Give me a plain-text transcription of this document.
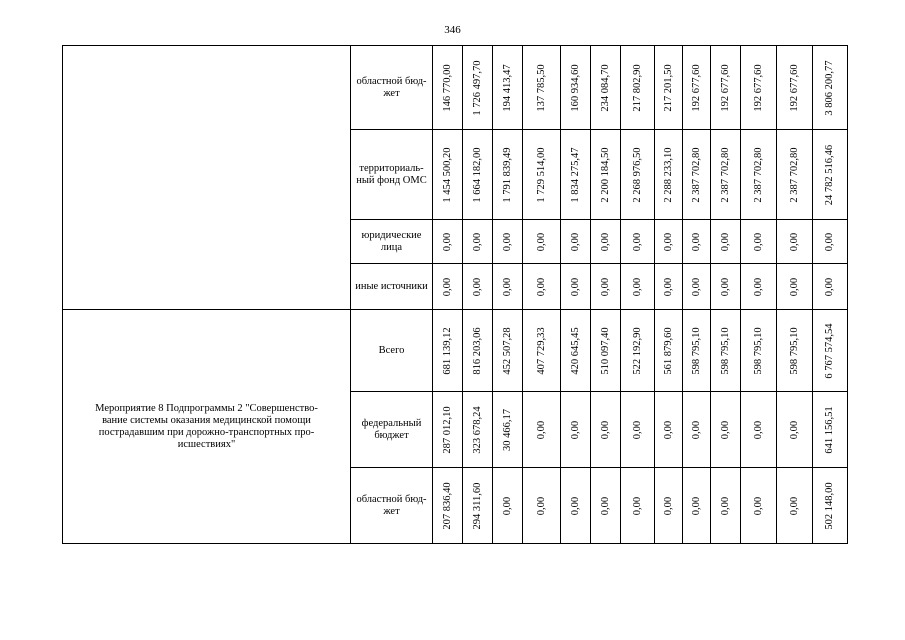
346
	областной бюд-
жет	146 770,00	1 726 497,70	194 413,47	137 785,50	160 934,60	234 084,70	217 802,90	217 201,50	192 677,60	192 677,60	192 677,60	192 677,60	3 806 200,77

	территориаль-
ный фонд ОМС	1 454 500,20	1 664 182,00	1 791 839,49	1 729 514,00	1 834 275,47	2 200 184,50	2 268 976,50	2 288 233,10	2 387 702,80	2 387 702,80	2 387 702,80	2 387 702,80	24 782 516,46

	юридические
лица	0,00	0,00	0,00	0,00	0,00	0,00	0,00	0,00	0,00	0,00	0,00	0,00	0,00

	иные источники	0,00	0,00	0,00	0,00	0,00	0,00	0,00	0,00	0,00	0,00	0,00	0,00	0,00

Мероприятие 8 Подпрограммы 2 "Совершенство-
вание системы оказания медицинской помощи
пострадавшим при дорожно-транспортных про-
исшествиях"	Всего	681 139,12	816 203,06	452 507,28	407 729,33	420 645,45	510 097,40	522 192,90	561 879,60	598 795,10	598 795,10	598 795,10	598 795,10	6 767 574,54

	федеральный
бюджет	287 012,10	323 678,24	30 466,17	0,00	0,00	0,00	0,00	0,00	0,00	0,00	0,00	0,00	641 156,51

	областной бюд-
жет	207 836,40	294 311,60	0,00	0,00	0,00	0,00	0,00	0,00	0,00	0,00	0,00	0,00	502 148,00
